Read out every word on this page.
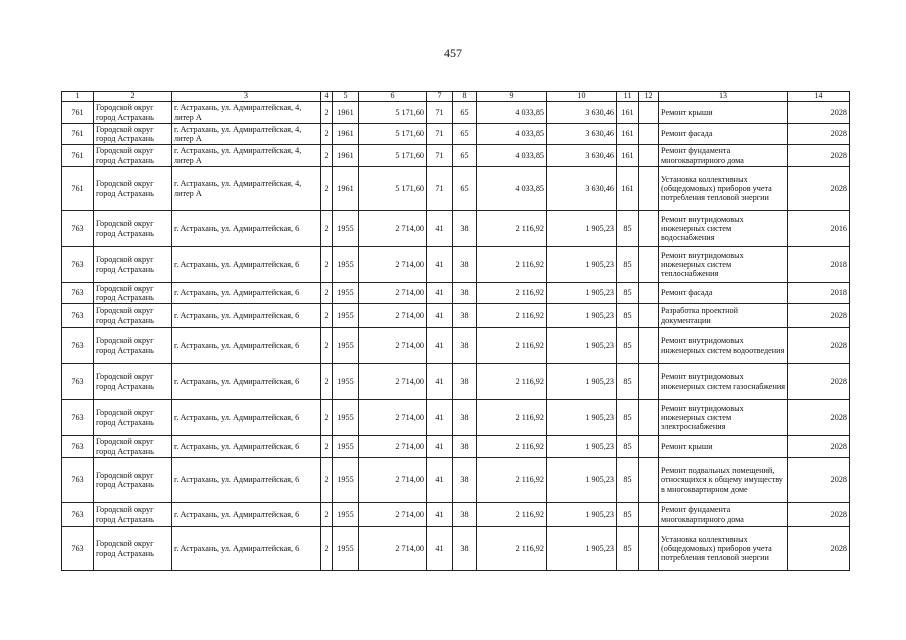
457
1	2	3	4	5	6	7	8	9	10	11	12	13	14
761	Городской округ город Астрахань	г. Астрахань, ул. Адмиралтейская, 4, литер А	2	1961	5 171,60	71	65	4 033,85	3 630,46	161		Ремонт крыши	2028
761	Городской округ город Астрахань	г. Астрахань, ул. Адмиралтейская, 4, литер А	2	1961	5 171,60	71	65	4 033,85	3 630,46	161		Ремонт фасада	2028
761	Городской округ город Астрахань	г. Астрахань, ул. Адмиралтейская, 4, литер А	2	1961	5 171,60	71	65	4 033,85	3 630,46	161		Ремонт фундамента многоквартирного дома	2028
761	Городской округ город Астрахань	г. Астрахань, ул. Адмиралтейская, 4, литер А	2	1961	5 171,60	71	65	4 033,85	3 630,46	161		Установка коллективных (общедомовых) приборов учета потребления тепловой энергии	2028
763	Городской округ город Астрахань	г. Астрахань, ул. Адмиралтейская, 6	2	1955	2 714,00	41	38	2 116,92	1 905,23	85		Ремонт внутридомовых инженерных систем водоснабжения	2016
763	Городской округ город Астрахань	г. Астрахань, ул. Адмиралтейская, 6	2	1955	2 714,00	41	38	2 116,92	1 905,23	85		Ремонт внутридомовых инженерных систем теплоснабжения	2018
763	Городской округ город Астрахань	г. Астрахань, ул. Адмиралтейская, 6	2	1955	2 714,00	41	38	2 116,92	1 905,23	85		Ремонт фасада	2018
763	Городской округ город Астрахань	г. Астрахань, ул. Адмиралтейская, 6	2	1955	2 714,00	41	38	2 116,92	1 905,23	85		Разработка проектной документации	2028
763	Городской округ город Астрахань	г. Астрахань, ул. Адмиралтейская, 6	2	1955	2 714,00	41	38	2 116,92	1 905,23	85		Ремонт внутридомовых инженерных систем водоотведения	2028
763	Городской округ город Астрахань	г. Астрахань, ул. Адмиралтейская, 6	2	1955	2 714,00	41	38	2 116,92	1 905,23	85		Ремонт внутридомовых инженерных систем газоснабжения	2028
763	Городской округ город Астрахань	г. Астрахань, ул. Адмиралтейская, 6	2	1955	2 714,00	41	38	2 116,92	1 905,23	85		Ремонт внутридомовых инженерных систем электроснабжения	2028
763	Городской округ город Астрахань	г. Астрахань, ул. Адмиралтейская, 6	2	1955	2 714,00	41	38	2 116,92	1 905,23	85		Ремонт крыши	2028
763	Городской округ город Астрахань	г. Астрахань, ул. Адмиралтейская, 6	2	1955	2 714,00	41	38	2 116,92	1 905,23	85		Ремонт подвальных помещений, относящихся к общему имуществу в многоквартирном доме	2028
763	Городской округ город Астрахань	г. Астрахань, ул. Адмиралтейская, 6	2	1955	2 714,00	41	38	2 116,92	1 905,23	85		Ремонт фундамента многоквартирного дома	2028
763	Городской округ город Астрахань	г. Астрахань, ул. Адмиралтейская, 6	2	1955	2 714,00	41	38	2 116,92	1 905,23	85		Установка коллективных (общедомовых) приборов учета потребления тепловой энергии	2028
